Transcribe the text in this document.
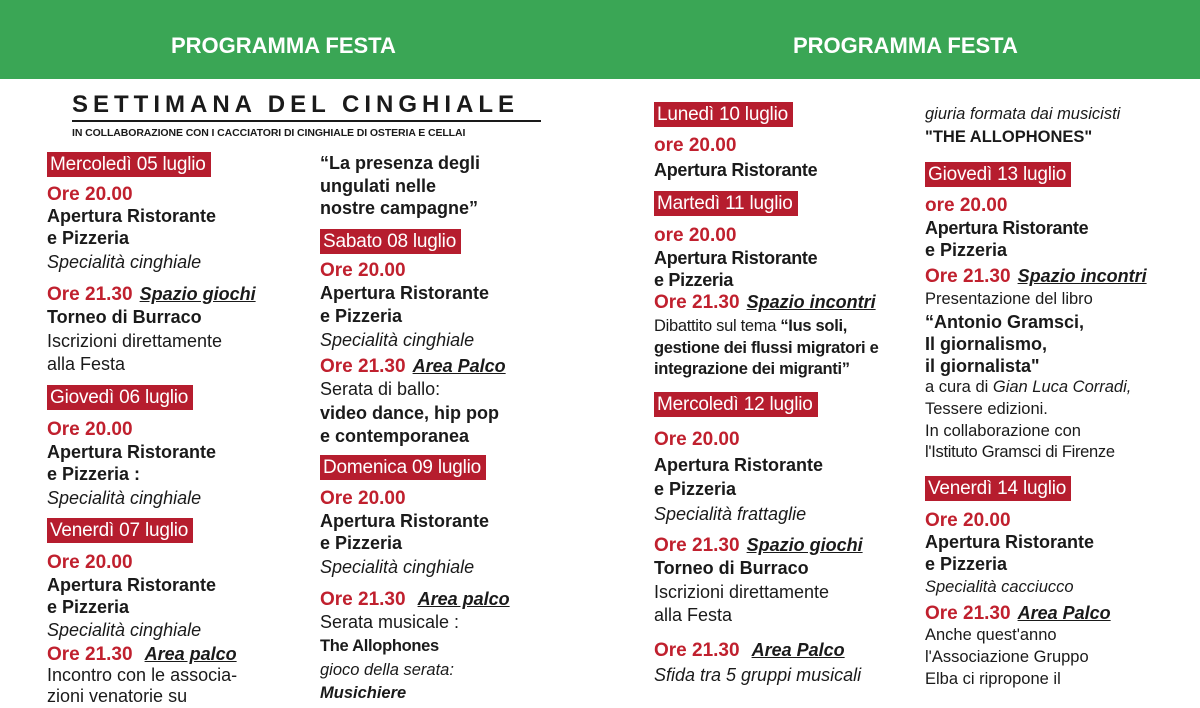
PROGRAMMA FESTA	PROGRAMMA FESTA
SETTIMANA DEL CINGHIALE
IN COLLABORAZIONE CON I CACCIATORI DI CINGHIALE DI OSTERIA E CELLAI
Mercoledì 05 luglio
Ore 20.00
Apertura Ristorante
e Pizzeria
Specialità cinghiale
Ore 21.30 Spazio giochi
Torneo di Burraco
Iscrizioni direttamente
alla Festa
Giovedì 06 luglio
Ore 20.00
Apertura Ristorante
e Pizzeria :
Specialità cinghiale
Venerdì 07 luglio
Ore 20.00
Apertura Ristorante
e Pizzeria
Specialità cinghiale
Ore 21.30 Area palco
Incontro con le associa-
zioni venatorie su
“La presenza degli
ungulati nelle
nostre campagne”
Sabato 08 luglio
Ore 20.00
Apertura Ristorante
e Pizzeria
Specialità cinghiale
Ore 21.30 Area Palco
Serata di ballo:
video dance, hip pop
e contemporanea
Domenica 09 luglio
Ore 20.00
Apertura Ristorante
e Pizzeria
Specialità cinghiale
Ore 21.30 Area palco
Serata musicale :
The Allophones
gioco della serata:
Musichiere
Lunedì 10 luglio
ore 20.00
Apertura Ristorante
Martedì 11 luglio
ore 20.00
Apertura Ristorante
e Pizzeria
Ore 21.30 Spazio incontri
Dibattito sul tema “Ius soli,
gestione dei flussi migratori e
integrazione dei migranti”
Mercoledì 12 luglio
Ore 20.00
Apertura Ristorante
e Pizzeria
Specialità frattaglie
Ore 21.30 Spazio giochi
Torneo di Burraco
Iscrizioni direttamente
alla Festa
Ore 21.30 Area Palco
Sfida tra 5 gruppi musicali
giuria formata dai musicisti
"THE ALLOPHONES"
Giovedì 13 luglio
ore 20.00
Apertura Ristorante
e Pizzeria
Ore 21.30 Spazio incontri
Presentazione del libro
“Antonio Gramsci,
Il giornalismo,
il giornalista"
a cura di Gian Luca Corradi,
Tessere edizioni.
In collaborazione con
l'Istituto Gramsci di Firenze
Venerdì 14 luglio
Ore 20.00
Apertura Ristorante
e Pizzeria
Specialità cacciucco
Ore 21.30 Area Palco
Anche quest'anno
l'Associazione Gruppo
Elba ci ripropone il
